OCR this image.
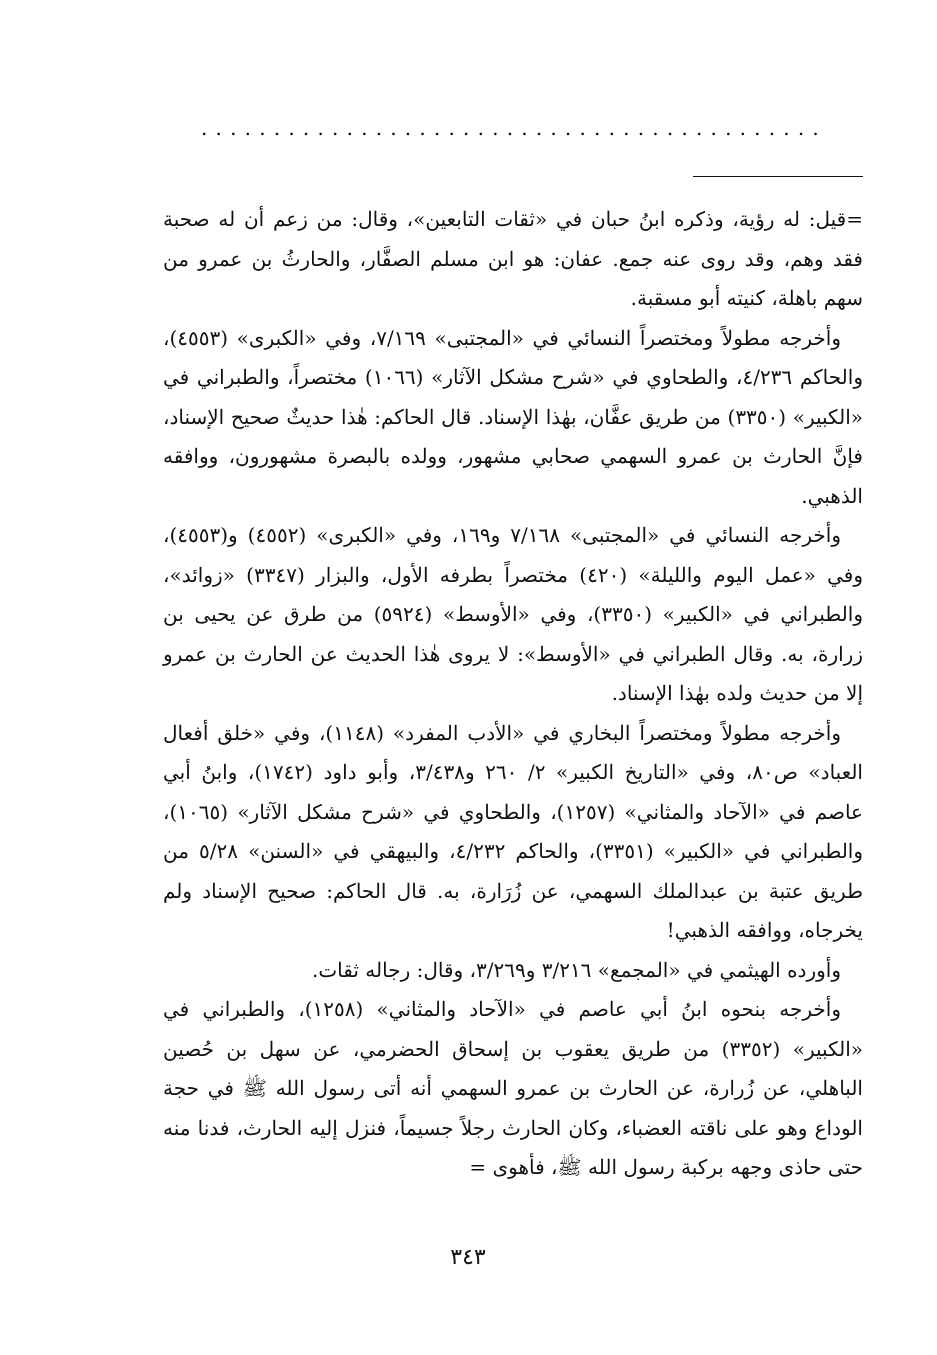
...........................................

=قيل: له رؤية، وذكره ابنُ حبان في «ثقات التابعين»، وقال: من زعم أن له صحبة فقد وهم، وقد روى عنه جمع. عفان: هو ابن مسلم الصفَّار، والحارثُ بن عمرو من سهم باهلة، كنيته أبو مسقبة.

وأخرجه مطولاً ومختصراً النسائي في «المجتبى» ٧/١٦٩، وفي «الكبرى» (٤٥٥٣)، والحاكم ٤/٢٣٦، والطحاوي في «شرح مشكل الآثار» (١٠٦٦) مختصراً، والطبراني في «الكبير» (٣٣٥٠) من طريق عفَّان، بهٰذا الإسناد. قال الحاكم: هٰذا حديثٌ صحيح الإسناد، فإنَّ الحارث بن عمرو السهمي صحابي مشهور، وولده بالبصرة مشهورون، ووافقه الذهبي.

وأخرجه النسائي في «المجتبى» ٧/١٦٨ و١٦٩، وفي «الكبرى» (٤٥٥٢) و(٤٥٥٣)، وفي «عمل اليوم والليلة» (٤٢٠) مختصراً بطرفه الأول، والبزار (٣٣٤٧) «زوائد»، والطبراني في «الكبير» (٣٣٥٠)، وفي «الأوسط» (٥٩٢٤) من طرق عن يحيى بن زرارة، به. وقال الطبراني في «الأوسط»: لا يروى هٰذا الحديث عن الحارث بن عمرو إلا من حديث ولده بهٰذا الإسناد.

وأخرجه مطولاً ومختصراً البخاري في «الأدب المفرد» (١١٤٨)، وفي «خلق أفعال العباد» ص٨٠، وفي «التاريخ الكبير» ٢/ ٢٦٠ و٣/٤٣٨، وأبو داود (١٧٤٢)، وابنُ أبي عاصم في «الآحاد والمثاني» (١٢٥٧)، والطحاوي في «شرح مشكل الآثار» (١٠٦٥)، والطبراني في «الكبير» (٣٣٥١)، والحاكم ٤/٢٣٢، والبيهقي في «السنن» ٥/٢٨ من طريق عتبة بن عبدالملك السهمي، عن زُرَارة، به. قال الحاكم: صحيح الإسناد ولم يخرجاه، ووافقه الذهبي!

وأورده الهيثمي في «المجمع» ٣/٢١٦ و٣/٢٦٩، وقال: رجاله ثقات.

وأخرجه بنحوه ابنُ أبي عاصم في «الآحاد والمثاني» (١٢٥٨)، والطبراني في «الكبير» (٣٣٥٢) من طريق يعقوب بن إسحاق الحضرمي، عن سهل بن حُصين الباهلي، عن زُرارة، عن الحارث بن عمرو السهمي أنه أتى رسول الله ﷺ في حجة الوداع وهو على ناقته العضباء، وكان الحارث رجلاً جسيماً، فنزل إليه الحارث، فدنا منه حتى حاذى وجهه بركبة رسول الله ﷺ، فأهوى =

٣٤٣
